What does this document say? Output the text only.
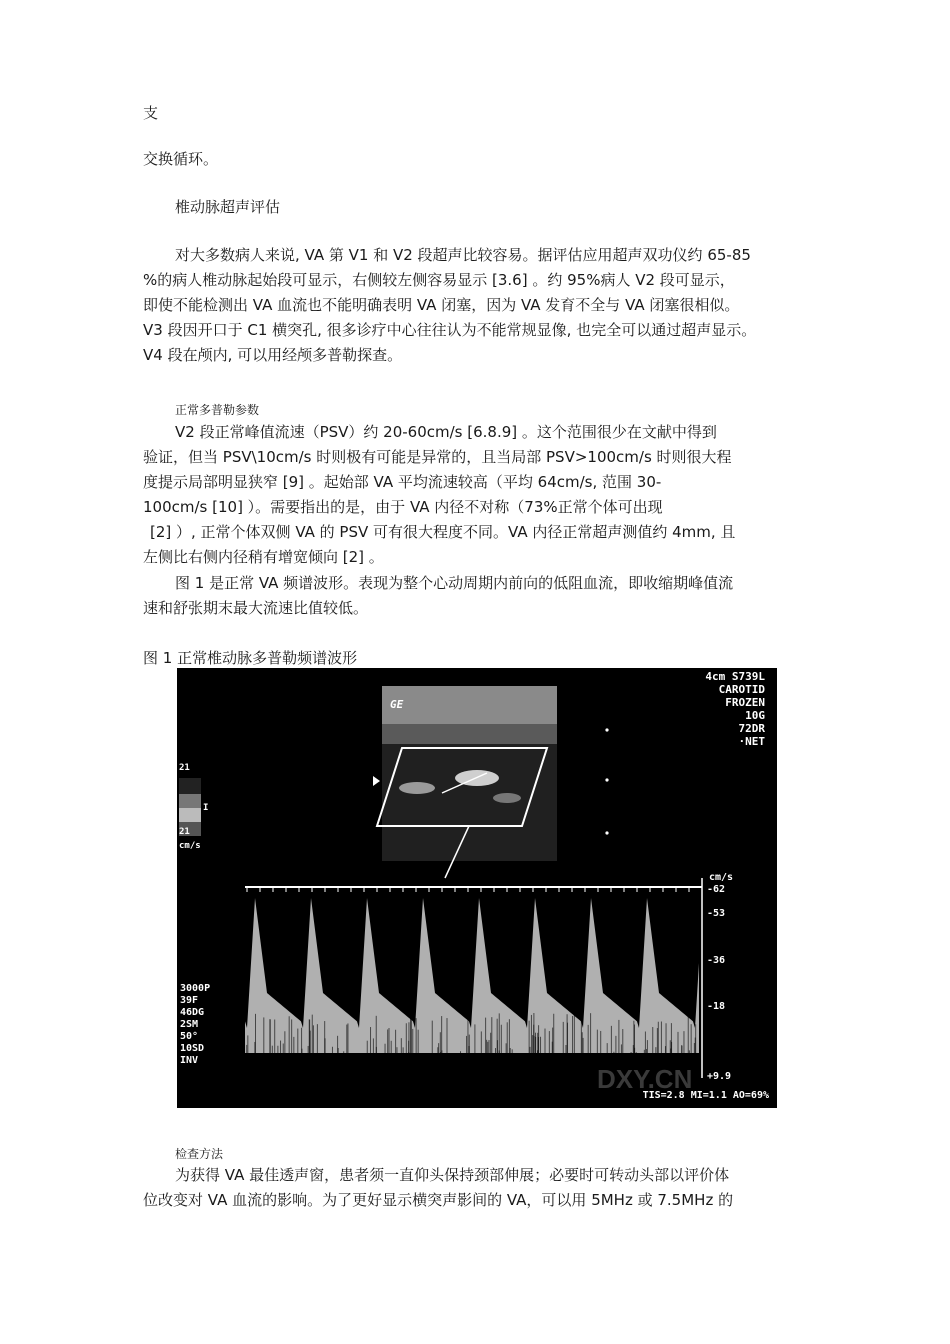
支
交换循环。
椎动脉超声评估
对大多数病人来说, VA 第 V1 和 V2 段超声比较容易。据评估应用超声双功仪约 65-85
%的病人椎动脉起始段可显示，右侧较左侧容易显示 [3.6] 。约 95%病人 V2 段可显示，
即使不能检测出 VA 血流也不能明确表明 VA 闭塞，因为 VA 发育不全与 VA 闭塞很相似。
V3 段因开口于 C1 横突孔, 很多诊疗中心往往认为不能常规显像, 也完全可以通过超声显示。
V4 段在颅内, 可以用经颅多普勒探查。
正常多普勒参数
V2 段正常峰值流速（PSV）约 20-60cm/s [6.8.9] 。这个范围很少在文献中得到
验证，但当 PSV\10cm/s 时则极有可能是异常的，且当局部 PSV>100cm/s 时则很大程
度提示局部明显狭窄 [9] 。起始部 VA 平均流速较高（平均 64cm/s, 范围 30-
100cm/s [10] ）。需要指出的是，由于 VA 内径不对称（73%正常个体可出现
[2] ）, 正常个体双侧 VA 的 PSV 可有很大程度不同。VA 内径正常超声测值约 4mm, 且
左侧比右侧内径稍有增宽倾向 [2] 。
图 1 是正常 VA 频谱波形。表现为整个心动周期内前向的低阻血流，即收缩期峰值流
速和舒张期末最大流速比值较低。
图 1 正常椎动脉多普勒频谱波形
GE
21
I
21
cm/s
4cm S739L
CAROTID
FROZEN
10G
72DR
·NET
cm/s
-62
-53
-36
-18
+9.9
3000P
39F
46DG
2SM
50°
10SD
INV
DXY.CN
TIS=2.8 MI=1.1 AO=69%
检查方法
为获得 VA 最佳透声窗，患者须一直仰头保持颈部伸展；必要时可转动头部以评价体
位改变对 VA 血流的影响。为了更好显示横突声影间的 VA，可以用 5MHz 或 7.5MHz 的
